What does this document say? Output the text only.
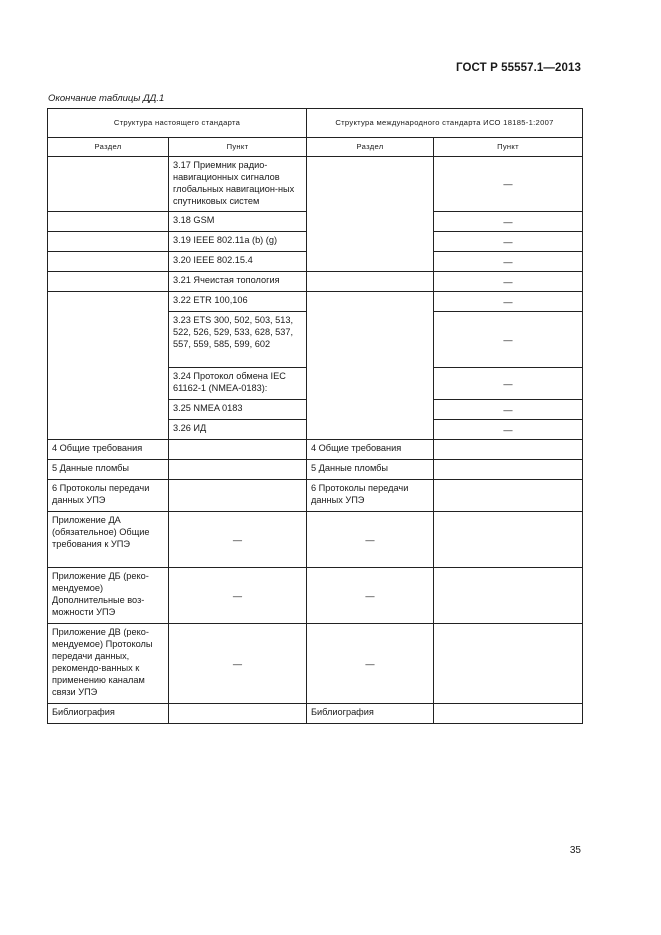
ГОСТ Р 55557.1—2013
Окончание таблицы ДД.1
Структура настоящего стандарта		Структура международного стандарта ИСО 18185-1:2007	
Раздел	Пункт	Раздел	Пункт
	3.17 Приемник радио-навигационных сигналов глобальных навигацион-ных спутниковых систем		—
	3.18 GSM		—
	3.19 IEEE 802.11a (b) (g)		—
	3.20 IEEE 802.15.4		—
	3.21 Ячеистая топология		—
	3.22 ETR 100,106		—
	3.23 ETS 300, 502, 503, 513, 522, 526, 529, 533, 628, 537, 557, 559, 585, 599, 602		—
	3.24 Протокол обмена IEC 61162-1 (NMEA-0183):		—
	3.25 NMEA 0183		—
	3.26 ИД		—
4 Общие требования		4 Общие требования	
5 Данные пломбы		5 Данные пломбы	
6 Протоколы передачи данных УПЭ		6 Протоколы передачи данных УПЭ	
Приложение ДА (обязательное) Общие требования к УПЭ	—	—	
Приложение ДБ (реко-мендуемое) Дополнительные воз-можности УПЭ	—	—	
Приложение ДВ (реко-мендуемое) Протоколы передачи данных, рекомендо-ванных к применению каналам связи УПЭ	—	—	
Библиография		Библиография	
35
